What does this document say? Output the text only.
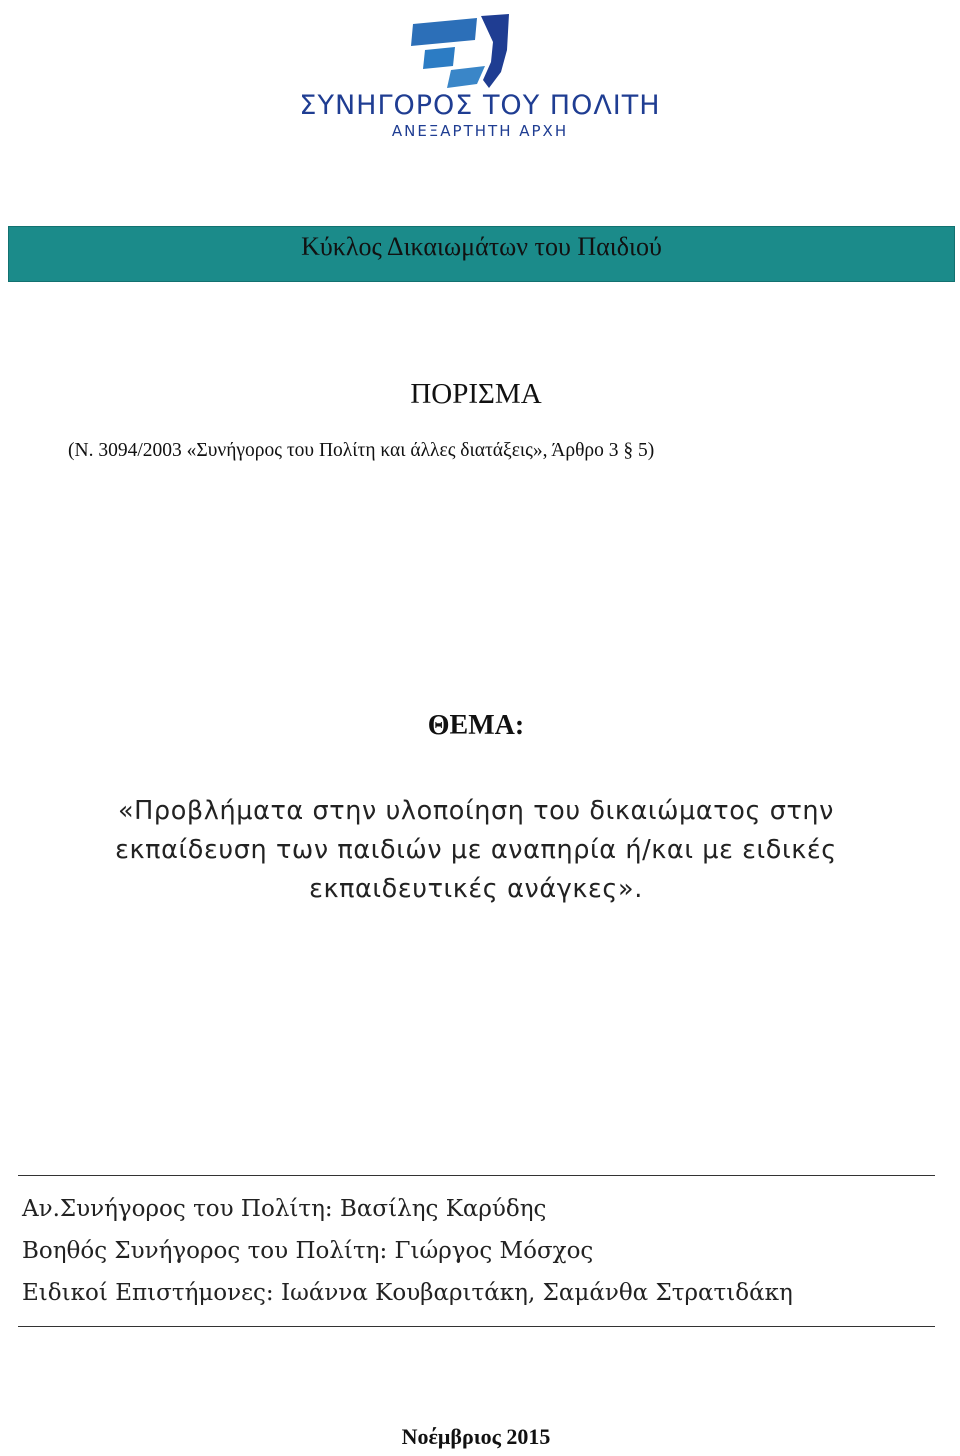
ΣΥΝΗΓΟΡΟΣ ΤΟΥ ΠΟΛΙΤΗ
ΑΝΕΞΑΡΤΗΤΗ ΑΡΧΗ
Κύκλος Δικαιωμάτων του Παιδιού
ΠΟΡΙΣΜΑ
(Ν. 3094/2003 «Συνήγορος του Πολίτη και άλλες διατάξεις», Άρθρο 3 § 5)
ΘΕΜΑ:
«Προβλήματα στην υλοποίηση του δικαιώματος στην
εκπαίδευση των παιδιών με αναπηρία ή/και με ειδικές
εκπαιδευτικές ανάγκες».
Αν.Συνήγορος του Πολίτη: Βασίλης Καρύδης
Βοηθός Συνήγορος του Πολίτη: Γιώργος Μόσχος
Ειδικοί Επιστήμονες: Ιωάννα Κουβαριτάκη, Σαμάνθα Στρατιδάκη
Νοέμβριος 2015
